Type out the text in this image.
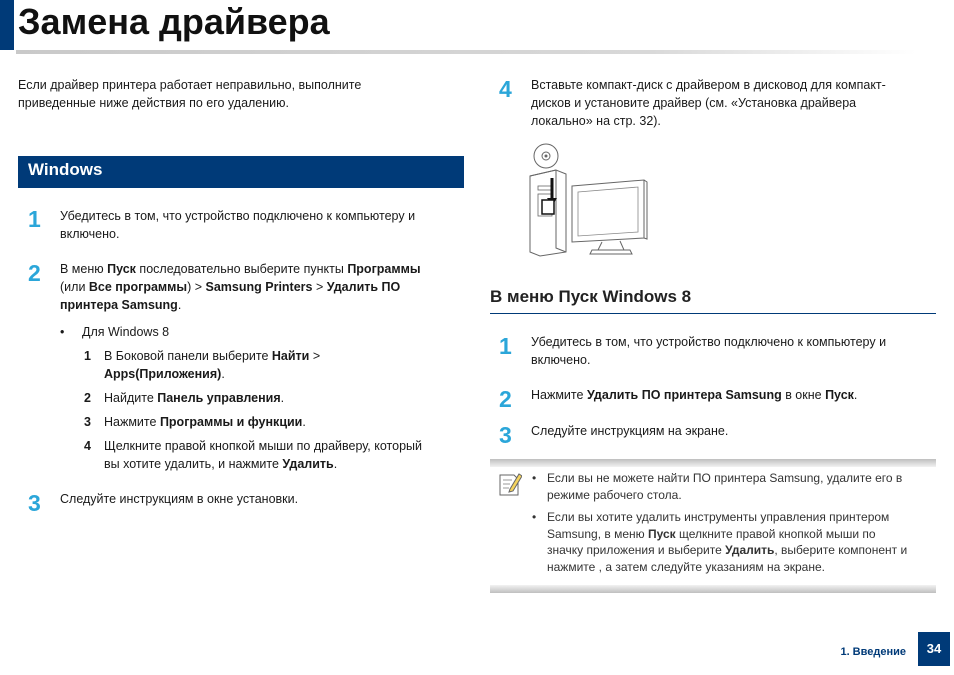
Замена драйвера
Если драйвер принтера работает неправильно, выполните
приведенные ниже действия по его удалению.
Windows
1 Убедитесь в том, что устройство подключено к компьютеру и
включено.
2 В меню Пуск последовательно выберите пункты Программы
(или Все программы) > Samsung Printers > Удалить ПО
принтера Samsung.
• Для Windows 8
1 В Боковой панели выберите Найти >
Apps(Приложения).
2 Найдите Панель управления.
3 Нажмите Программы и функции.
4 Щелкните правой кнопкой мыши по драйверу, который
вы хотите удалить, и нажмите Удалить.
3 Следуйте инструкциям в окне установки.
4 Вставьте компакт-диск с драйвером в дисковод для компакт-
дисков и установите драйвер (см. «Установка драйвера
локально» на стр. 32).
В меню Пуск Windows 8
1 Убедитесь в том, что устройство подключено к компьютеру и
включено.
2 Нажмите Удалить ПО принтера Samsung в окне Пуск.
3 Следуйте инструкциям на экране.
• Если вы не можете найти ПО принтера Samsung, удалите его в
режиме рабочего стола.
• Если вы хотите удалить инструменты управления принтером
Samsung, в меню Пуск щелкните правой кнопкой мыши по
значку приложения и выберите Удалить, выберите компонент и
нажмите , а затем следуйте указаниям на экране.
1. Введение	34
